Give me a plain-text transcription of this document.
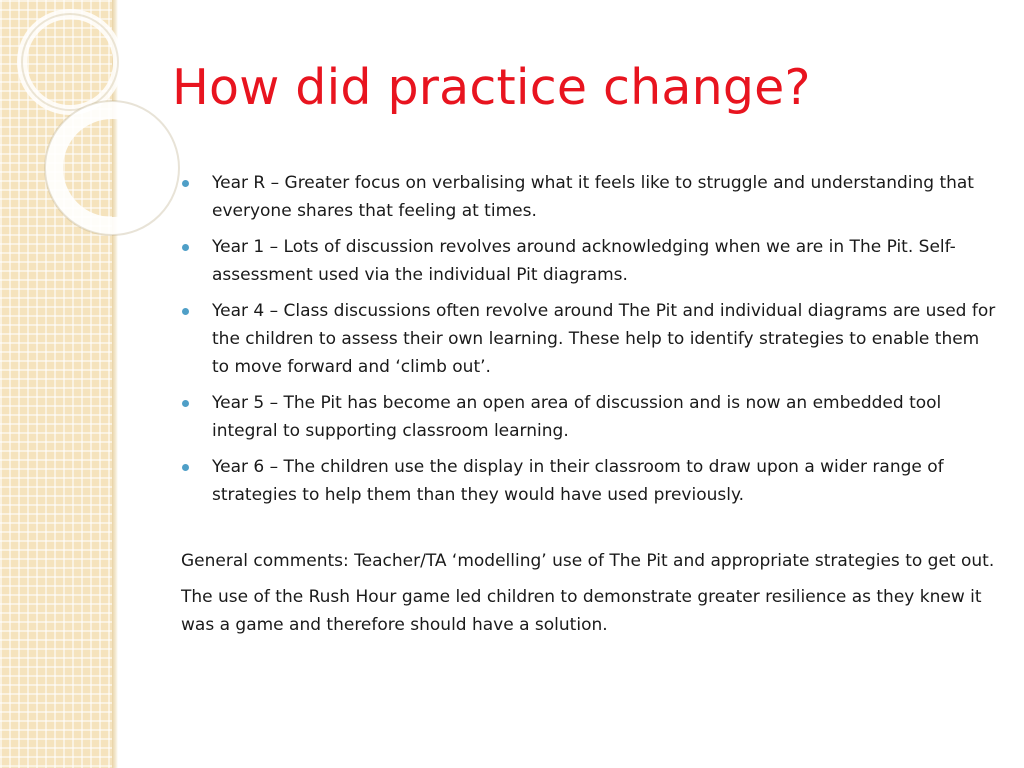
How did practice change?
Year R – Greater focus on verbalising what it feels like to struggle and understanding that everyone shares that feeling at times.
Year 1 – Lots of discussion revolves around acknowledging when we are in The Pit. Self-assessment used via the individual Pit diagrams.
Year 4 – Class discussions often revolve around The Pit and individual diagrams are used for the children to assess their own learning. These help to identify strategies to enable them to move forward and ‘climb out’.
Year 5 – The Pit has become an open area of discussion and is now an embedded tool integral to supporting classroom learning.
Year 6 – The children use the display in their classroom to draw upon a wider range of strategies to help them than they would have used previously.

General comments: Teacher/TA ‘modelling’ use of The Pit and appropriate strategies to get out.

The use of the Rush Hour game led children to demonstrate greater resilience as they knew it was a game and therefore should have a solution.
